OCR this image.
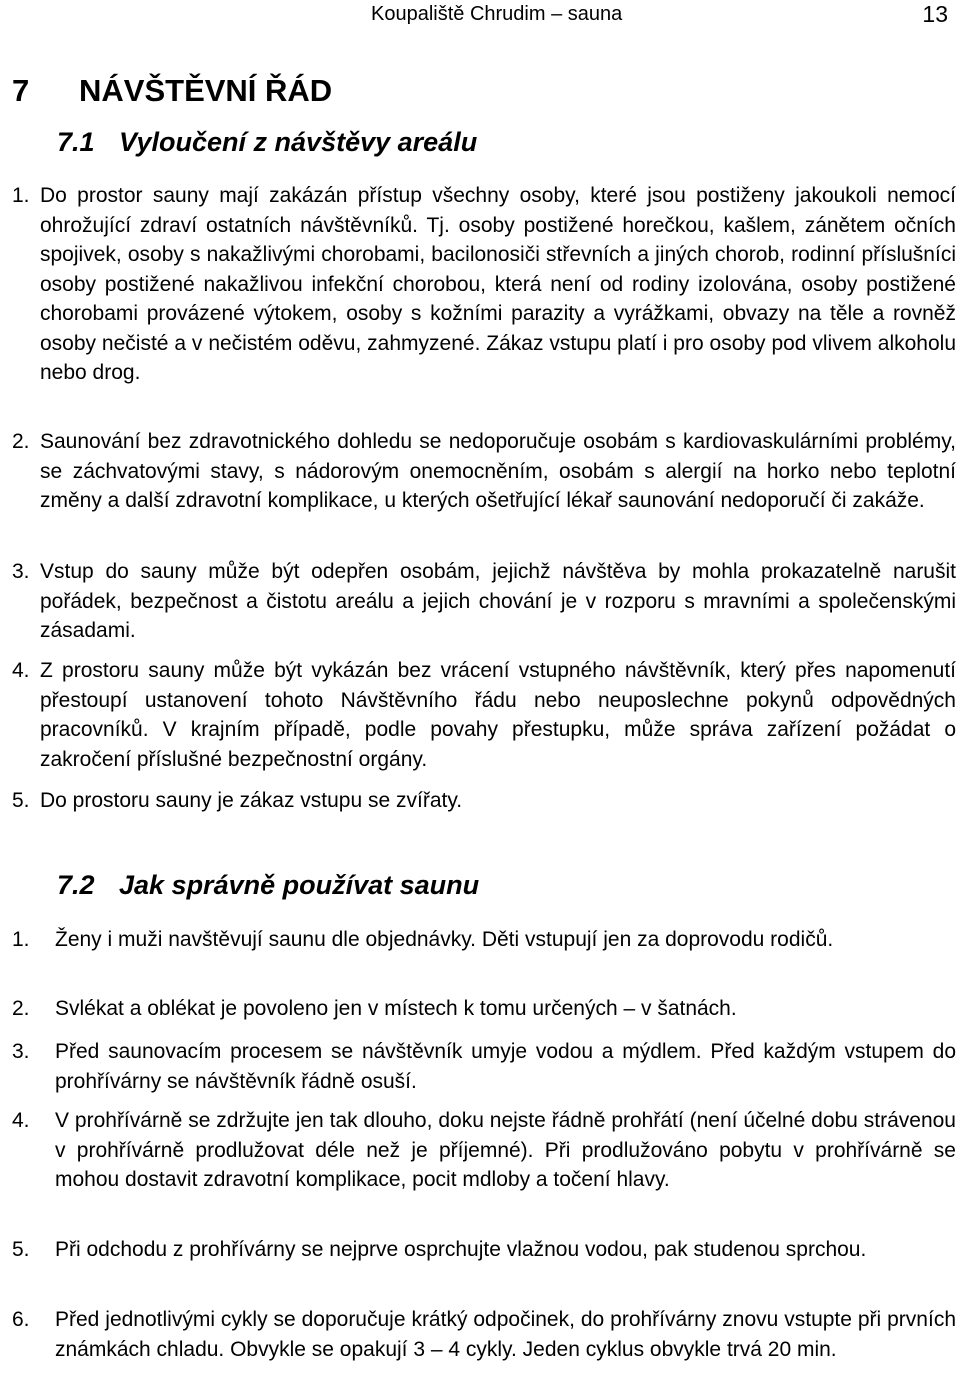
Koupaliště Chrudim – sauna	13
7 NÁVŠTĚVNÍ ŘÁD
7.1 Vyloučení z návštěvy areálu
1. Do prostor sauny mají zakázán přístup všechny osoby, které jsou postiženy jakoukoli nemocí ohrožující zdraví ostatních návštěvníků. Tj. osoby postižené horečkou, kašlem, zánětem očních spojivek, osoby s nakažlivými chorobami, bacilonosiči střevních a jiných chorob, rodinní příslušníci osoby postižené nakažlivou infekční chorobou, která není od rodiny izolována, osoby postižené chorobami provázené výtokem, osoby s kožními parazity a vyrážkami, obvazy na těle a rovněž osoby nečisté a v nečistém oděvu, zahmyzené. Zákaz vstupu platí i pro osoby pod vlivem alkoholu nebo drog.
2. Saunování bez zdravotnického dohledu se nedoporučuje osobám s kardiovaskulárními problémy, se záchvatovými stavy, s nádorovým onemocněním, osobám s alergií na horko nebo teplotní změny a další zdravotní komplikace, u kterých ošetřující lékař saunování nedoporučí či zakáže.
3. Vstup do sauny může být odepřen osobám, jejichž návštěva by mohla prokazatelně narušit pořádek, bezpečnost a čistotu areálu a jejich chování je v rozporu s mravními a společenskými zásadami.
4. Z prostoru sauny může být vykázán bez vrácení vstupného návštěvník, který přes napomenutí přestoupí ustanovení tohoto Návštěvního řádu nebo neuposlechne pokynů odpovědných pracovníků. V krajním případě, podle povahy přestupku, může správa zařízení požádat o zakročení příslušné bezpečnostní orgány.
5. Do prostoru sauny je zákaz vstupu se zvířaty.
7.2 Jak správně používat saunu
1.	Ženy i muži navštěvují saunu dle objednávky. Děti vstupují jen za doprovodu rodičů.
2.	Svlékat a oblékat je povoleno jen v místech k tomu určených – v šatnách.
3.	Před saunovacím procesem se návštěvník umyje vodou a mýdlem. Před každým vstupem do prohřívárny se návštěvník řádně osuší.
4.	V prohřívárně se zdržujte jen tak dlouho, doku nejste řádně prohřátí (není účelné dobu strávenou v prohřívárně prodlužovat déle než je příjemné). Při prodlužováno pobytu v prohřívárně se mohou dostavit zdravotní komplikace, pocit mdloby a točení hlavy.
5.	Při odchodu z prohřívárny se nejprve osprchujte vlažnou vodou, pak studenou sprchou.
6.	Před jednotlivými cykly se doporučuje krátký odpočinek, do prohřívárny znovu vstupte při prvních známkách chladu. Obvykle se opakují 3 – 4 cykly. Jeden cyklus obvykle trvá 20 min.
